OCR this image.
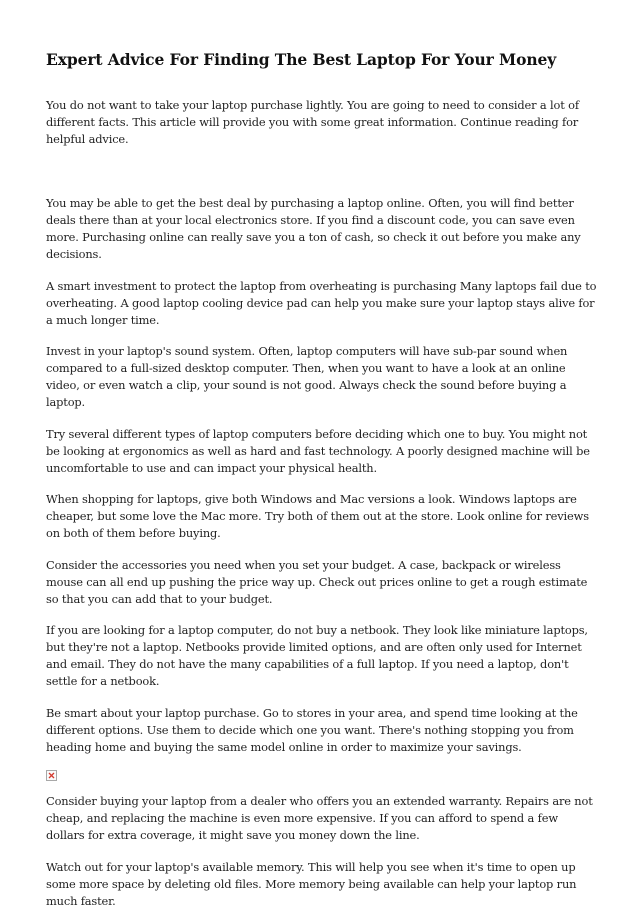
Expert Advice For Finding The Best Laptop For Your Money

You do not want to take your laptop purchase lightly. You are going to need to consider a lot of different facts. This article will provide you with some great information. Continue reading for helpful advice.

You may be able to get the best deal by purchasing a laptop online. Often, you will find better deals there than at your local electronics store. If you find a discount code, you can save even more. Purchasing online can really save you a ton of cash, so check it out before you make any decisions.

A smart investment to protect the laptop from overheating is purchasing Many laptops fail due to overheating. A good laptop cooling device pad can help you make sure your laptop stays alive for a much longer time.

Invest in your laptop's sound system. Often, laptop computers will have sub-par sound when compared to a full-sized desktop computer. Then, when you want to have a look at an online video, or even watch a clip, your sound is not good. Always check the sound before buying a laptop.

Try several different types of laptop computers before deciding which one to buy. You might not be looking at ergonomics as well as hard and fast technology. A poorly designed machine will be uncomfortable to use and can impact your physical health.

When shopping for laptops, give both Windows and Mac versions a look. Windows laptops are cheaper, but some love the Mac more. Try both of them out at the store. Look online for reviews on both of them before buying.

Consider the accessories you need when you set your budget. A case, backpack or wireless mouse can all end up pushing the price way up. Check out prices online to get a rough estimate so that you can add that to your budget.

If you are looking for a laptop computer, do not buy a netbook. They look like miniature laptops, but they're not a laptop. Netbooks provide limited options, and are often only used for Internet and email. They do not have the many capabilities of a full laptop. If you need a laptop, don't settle for a netbook.

Be smart about your laptop purchase. Go to stores in your area, and spend time looking at the different options. Use them to decide which one you want. There's nothing stopping you from heading home and buying the same model online in order to maximize your savings.

Consider buying your laptop from a dealer who offers you an extended warranty. Repairs are not cheap, and replacing the machine is even more expensive. If you can afford to spend a few dollars for extra coverage, it might save you money down the line.

Watch out for your laptop's available memory. This will help you see when it's time to open up some more space by deleting old files. More memory being available can help your laptop run much faster.
